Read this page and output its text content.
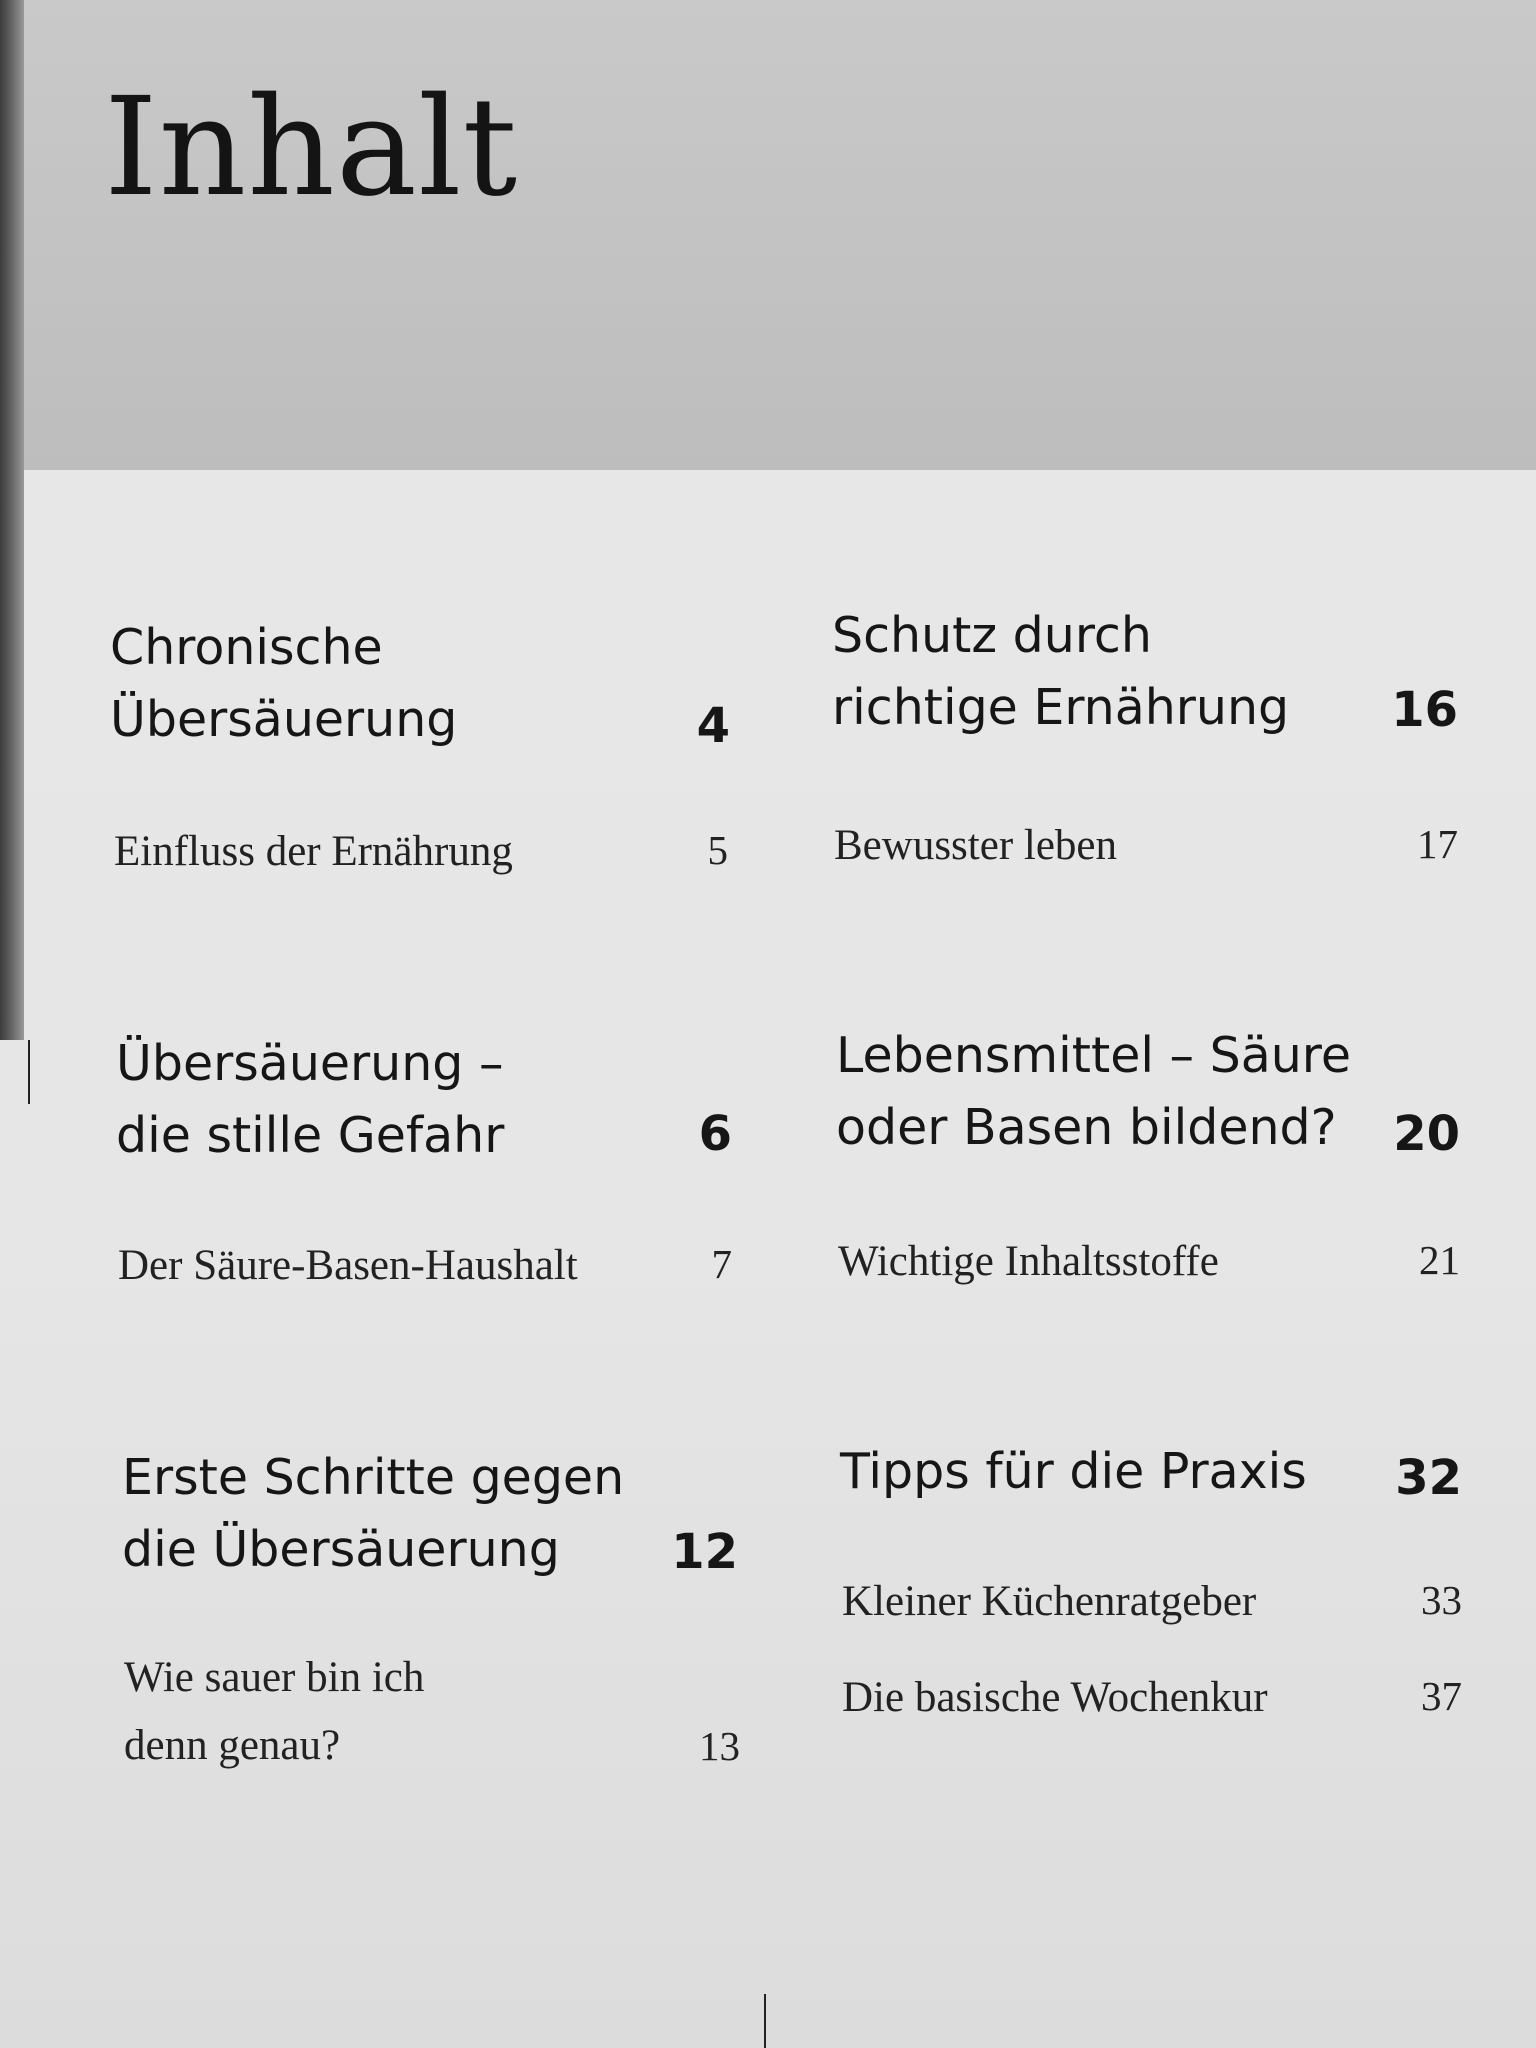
Inhalt
Chronische
Übersäuerung	4
Einfluss der Ernährung	5
Übersäuerung –
die stille Gefahr	6
Der Säure-Basen-Haushalt	7
Erste Schritte gegen
die Übersäuerung	12
Wie sauer bin ich
denn genau?	13
Schutz durch
richtige Ernährung	16
Bewusster leben	17
Lebensmittel – Säure
oder Basen bildend?	20
Wichtige Inhaltsstoffe	21
Tipps für die Praxis	32
Kleiner Küchenratgeber	33
Die basische Wochenkur	37
